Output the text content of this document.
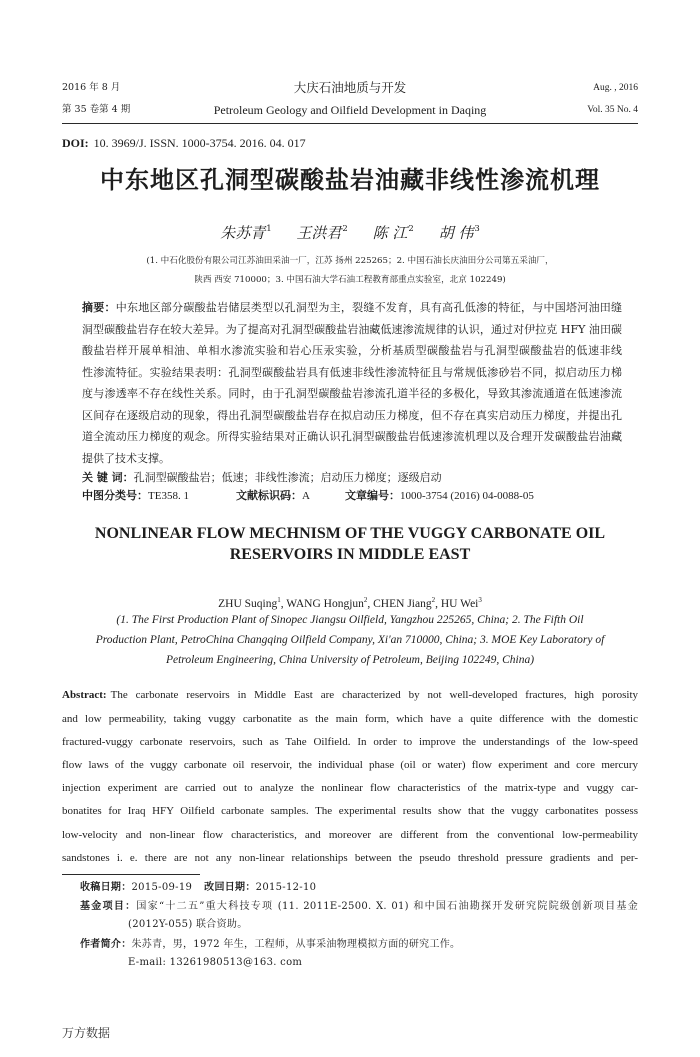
2016 年 8 月
第 35 卷第 4 期
大庆石油地质与开发
Petroleum Geology and Oilfield Development in Daqing
Aug. , 2016
Vol. 35 No. 4
DOI: 10. 3969/J. ISSN. 1000-3754. 2016. 04. 017
中东地区孔洞型碳酸盐岩油藏非线性渗流机理
朱苏青$^1$ 王洪君$^2$ 陈 江$^2$ 胡 伟$^3$
(1. 中石化股份有限公司江苏油田采油一厂，江苏 扬州 225265；2. 中国石油长庆油田分公司第五采油厂，
陕西 西安 710000；3. 中国石油大学石油工程教育部重点实验室，北京 102249)
摘要：中东地区部分碳酸盐岩储层类型以孔洞型为主，裂缝不发育，具有高孔低渗的特征，与中国塔河油田缝
洞型碳酸盐岩存在较大差异。为了提高对孔洞型碳酸盐岩油藏低速渗流规律的认识，通过对伊拉克 HFY 油田碳
酸盐岩样开展单相油、单相水渗流实验和岩心压汞实验，分析基质型碳酸盐岩与孔洞型碳酸盐岩的低速非线
性渗流特征。实验结果表明：孔洞型碳酸盐岩具有低速非线性渗流特征且与常规低渗砂岩不同，拟启动压力梯
度与渗透率不存在线性关系。同时，由于孔洞型碳酸盐岩渗流孔道半径的多极化，导致其渗流通道在低速渗流
区间存在逐级启动的现象，得出孔洞型碳酸盐岩存在拟启动压力梯度，但不存在真实启动压力梯度，并提出孔
道全流动压力梯度的观念。所得实验结果对正确认识孔洞型碳酸盐岩低速渗流机理以及合理开发碳酸盐岩油藏
提供了技术支撑。
关 键 词：孔洞型碳酸盐岩；低速；非线性渗流；启动压力梯度；逐级启动
中图分类号：TE358. 1	文献标识码：A	文章编号：1000-3754 (2016) 04-0088-05
NONLINEAR FLOW MECHNISM OF THE VUGGY CARBONATE OIL
RESERVOIRS IN MIDDLE EAST
ZHU Suqing$^1$, WANG Hongjun$^2$, CHEN Jiang$^2$, HU Wei$^3$
(1. The First Production Plant of Sinopec Jiangsu Oilfield, Yangzhou 225265, China; 2. The Fifth Oil
Production Plant, PetroChina Changqing Oilfield Company, Xi'an 710000, China; 3. MOE Key Laboratory of
Petroleum Engineering, China University of Petroleum, Beijing 102249, China)
Abstract: The carbonate reservoirs in Middle East are characterized by not well-developed fractures, high porosity
and low permeability, taking vuggy carbonatite as the main form, which have a quite difference with the domestic
fractured-vuggy carbonate reservoirs, such as Tahe Oilfield. In order to improve the understandings of the low-speed
flow laws of the vuggy carbonate oil reservoir, the individual phase (oil or water) flow experiment and core mercury
injection experiment are carried out to analyze the nonlinear flow characteristics of the matrix-type and vuggy car-
bonatites for Iraq HFY Oilfield carbonate samples. The experimental results show that the vuggy carbonatites possess
low-velocity and non-linear flow characteristics, and moreover are different from the conventional low-permeability
sandstones i. e. there are not any non-linear relationships between the pseudo threshold pressure gradients and per-
收稿日期：2015-09-19 改回日期：2015-12-10
基金项目：国家“十二五”重大科技专项 (11. 2011E-2500. X. 01) 和中国石油勘探开发研究院院级创新项目基金
(2012Y-055) 联合资助。
作者简介：朱苏青，男，1972 年生，工程师，从事采油物理模拟方面的研究工作。
E-mail: 13261980513@163. com
万方数据
